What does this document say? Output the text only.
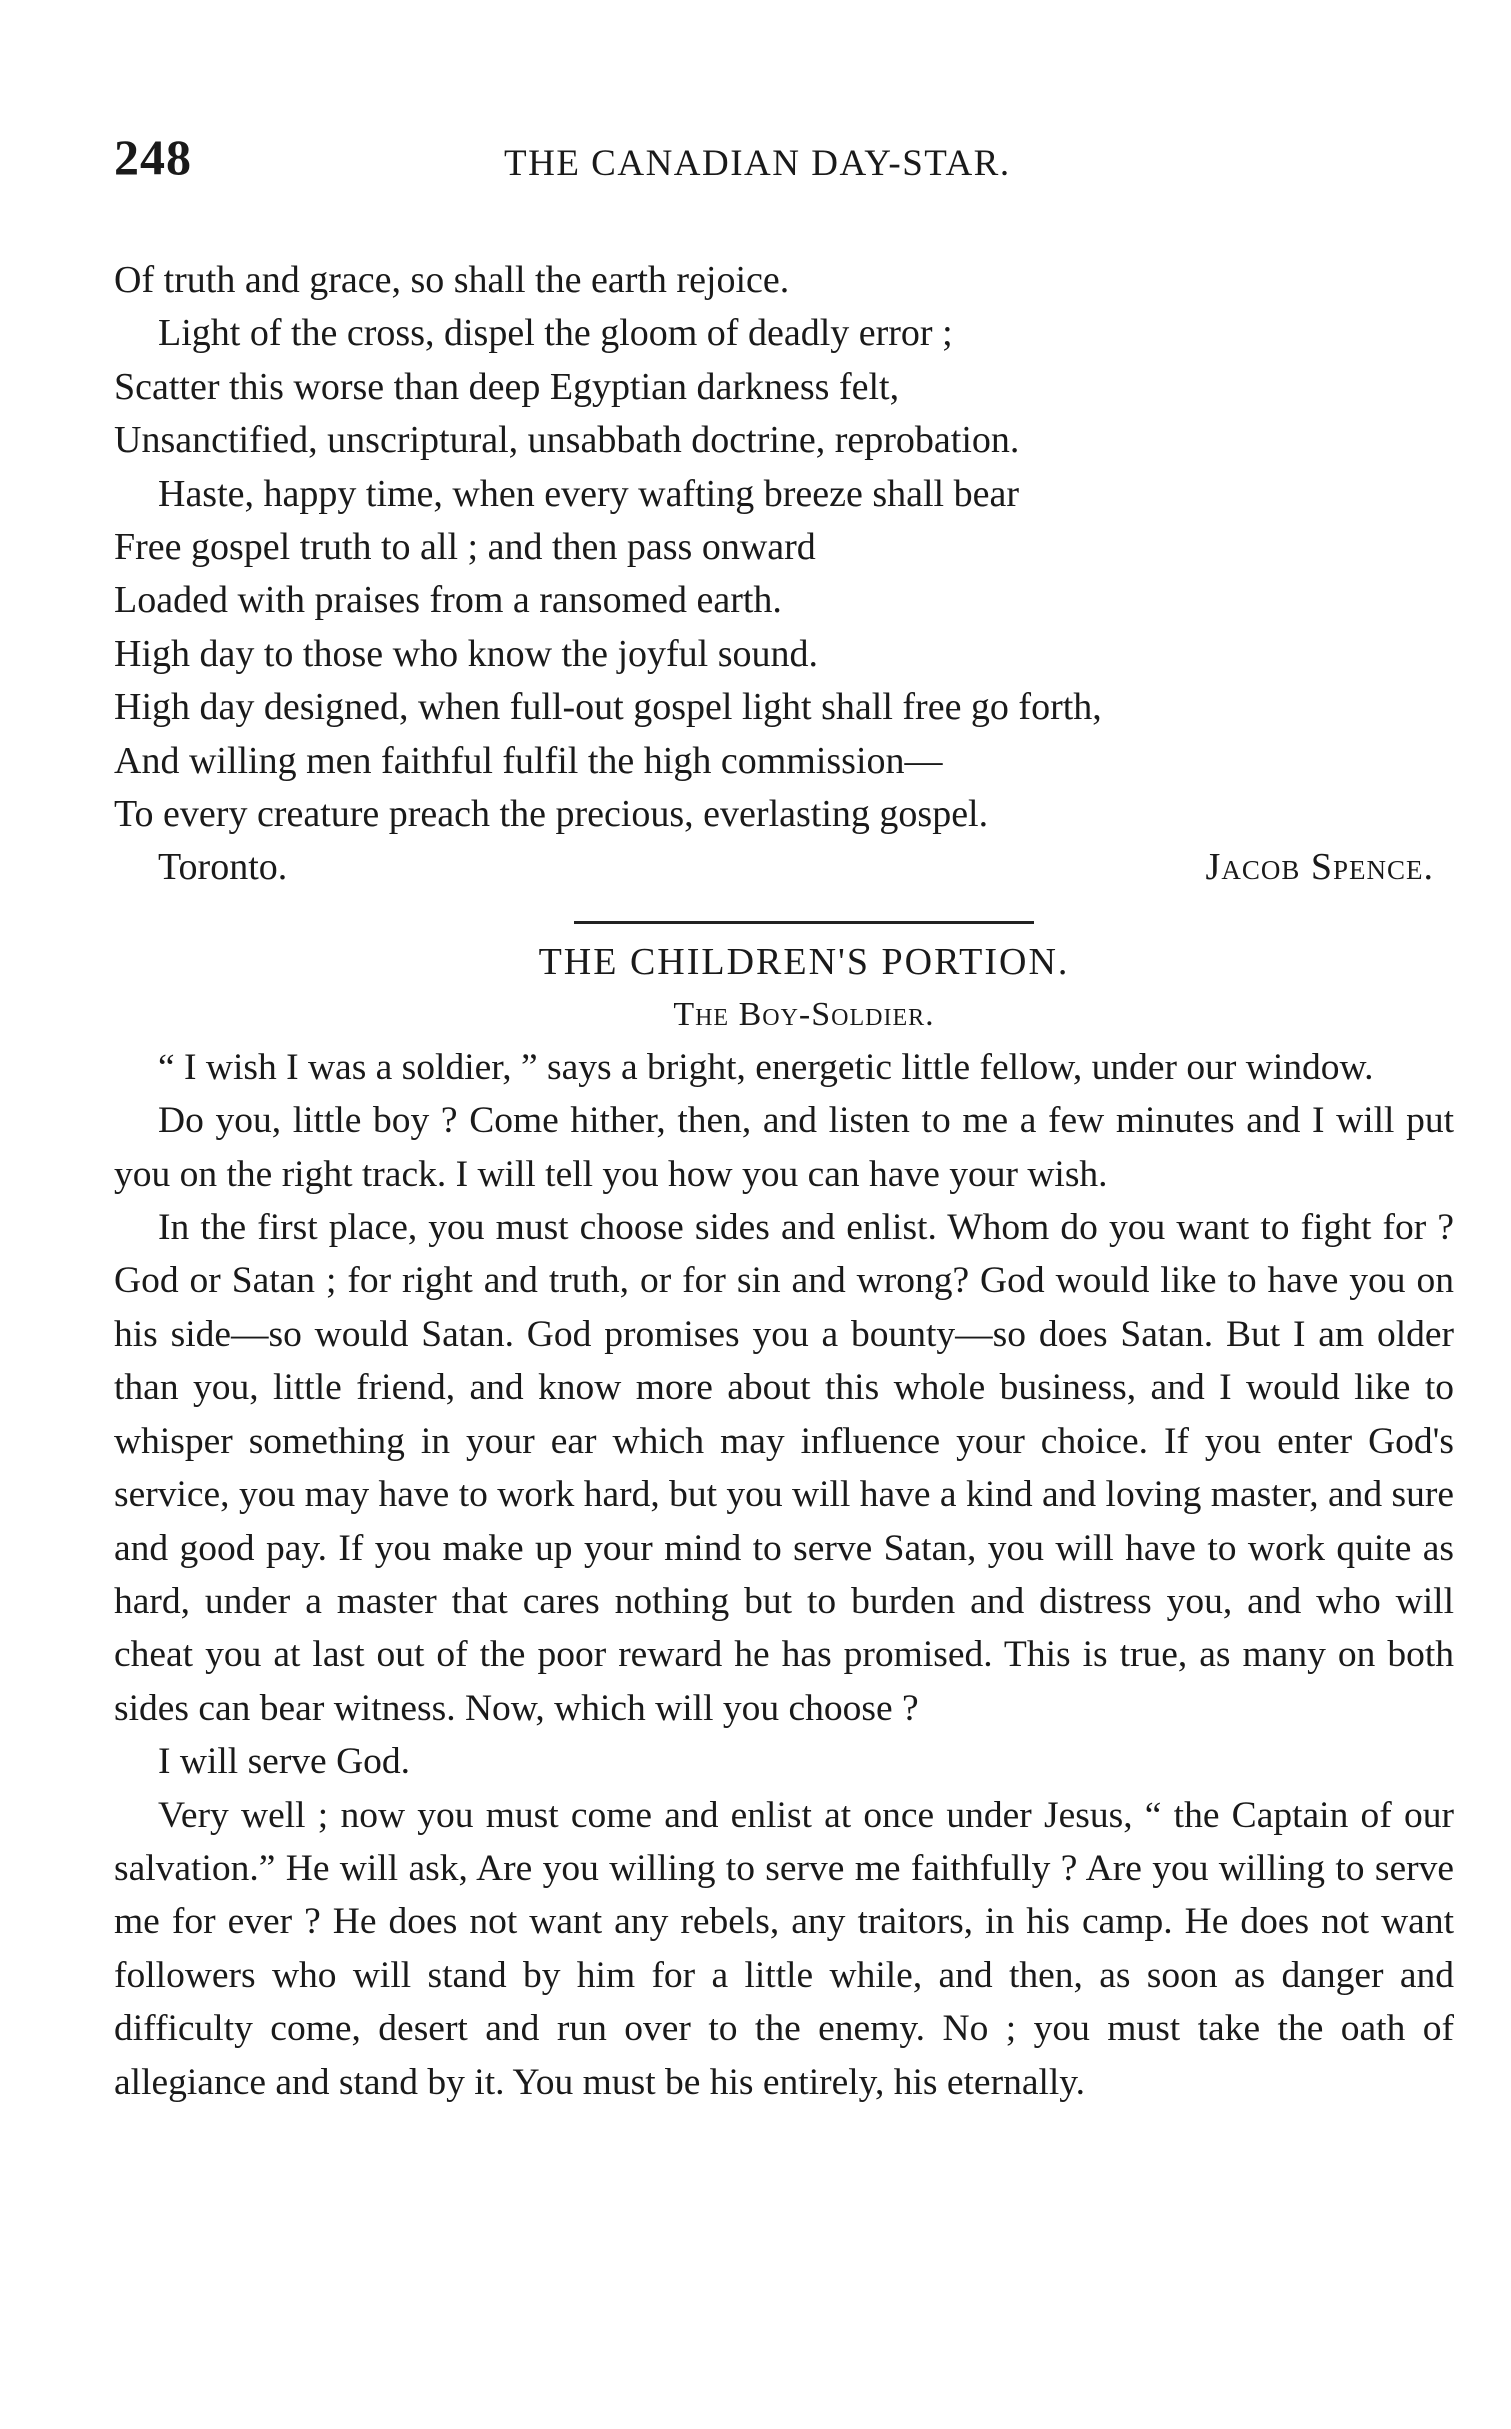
248	THE CANADIAN DAY-STAR.
Of truth and grace, so shall the earth rejoice.
Light of the cross, dispel the gloom of deadly error ;
Scatter this worse than deep Egyptian darkness felt,
Unsanctified, unscriptural, unsabbath doctrine, reprobation.
Haste, happy time, when every wafting breeze shall bear
Free gospel truth to all ; and then pass onward
Loaded with praises from a ransomed earth.
High day to those who know the joyful sound.
High day designed, when full-out gospel light shall free go forth,
And willing men faithful fulfil the high commission—
To every creature preach the precious, everlasting gospel.
Toronto.	Jacob Spence.
THE CHILDREN'S PORTION.
The Boy-Soldier.

“ I wish I was a soldier, ” says a bright, energetic little fellow, under our window.

Do you, little boy ? Come hither, then, and listen to me a few minutes and I will put you on the right track. I will tell you how you can have your wish.

In the first place, you must choose sides and enlist. Whom do you want to fight for ? God or Satan ; for right and truth, or for sin and wrong? God would like to have you on his side—so would Satan. God promises you a bounty—so does Satan. But I am older than you, little friend, and know more about this whole business, and I would like to whisper something in your ear which may influence your choice. If you enter God's service, you may have to work hard, but you will have a kind and loving master, and sure and good pay. If you make up your mind to serve Satan, you will have to work quite as hard, under a master that cares nothing but to burden and distress you, and who will cheat you at last out of the poor reward he has promised. This is true, as many on both sides can bear witness. Now, which will you choose ?

I will serve God.

Very well ; now you must come and enlist at once under Jesus, “ the Captain of our salvation.” He will ask, Are you willing to serve me faithfully ? Are you willing to serve me for ever ? He does not want any rebels, any traitors, in his camp. He does not want followers who will stand by him for a little while, and then, as soon as danger and difficulty come, desert and run over to the enemy. No ; you must take the oath of allegiance and stand by it. You must be his entirely, his eternally.
